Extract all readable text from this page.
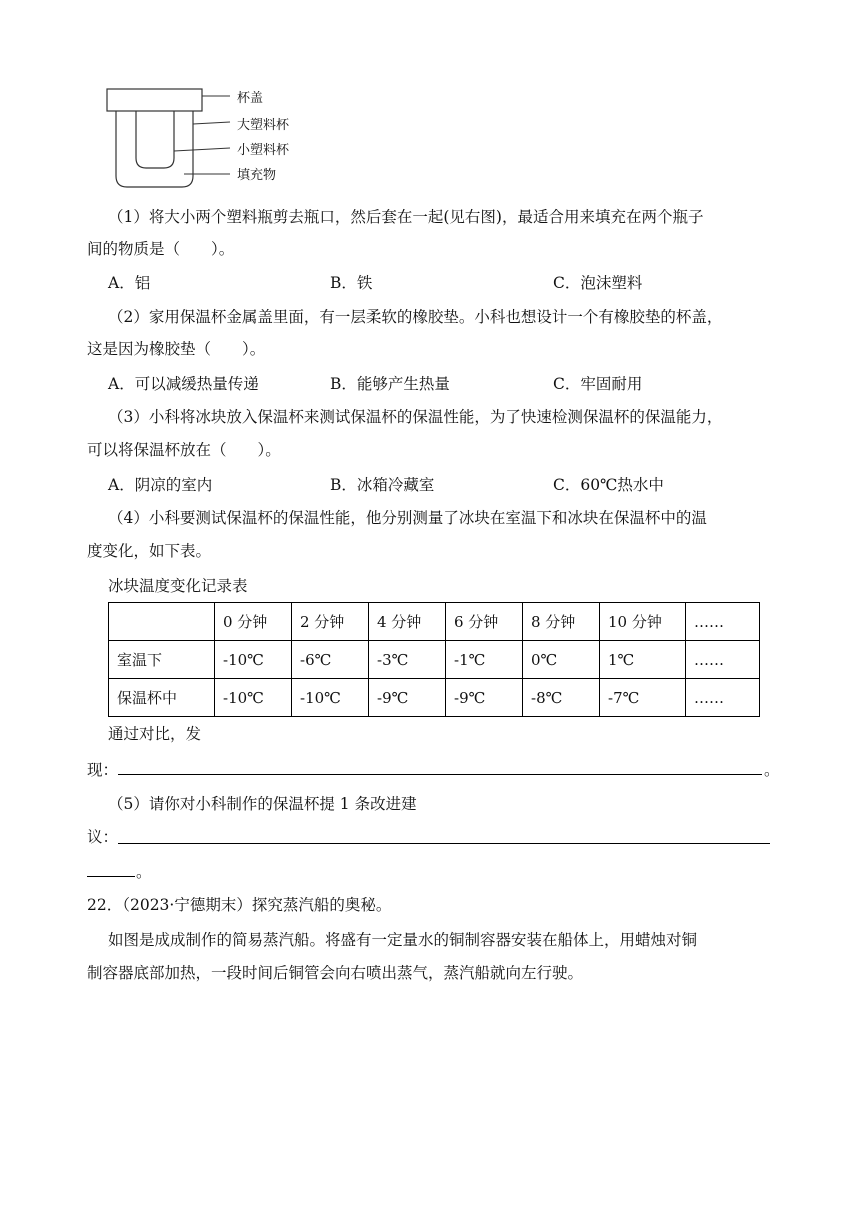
杯盖
大塑料杯
小塑料杯
填充物
（1）将大小两个塑料瓶剪去瓶口，然后套在一起(见右图)，最适合用来填充在两个瓶子
间的物质是（　　）。
A．铝	B．铁	C．泡沫塑料
（2）家用保温杯金属盖里面，有一层柔软的橡胶垫。小科也想设计一个有橡胶垫的杯盖，
这是因为橡胶垫（　　）。
A．可以减缓热量传递	B．能够产生热量	C．牢固耐用
（3）小科将冰块放入保温杯来测试保温杯的保温性能，为了快速检测保温杯的保温能力，
可以将保温杯放在（　　）。
A．阴凉的室内	B．冰箱冷藏室	C．60℃热水中
（4）小科要测试保温杯的保温性能，他分别测量了冰块在室温下和冰块在保温杯中的温
度变化，如下表。
冰块温度变化记录表
	0 分钟	2 分钟	4 分钟	6 分钟	8 分钟	10 分钟	……
室温下	-10℃	-6℃	-3℃	-1℃	0℃	1℃	……
保温杯中	-10℃	-10℃	-9℃	-9℃	-8℃	-7℃	……
通过对比，发
现：	。
（5）请你对小科制作的保温杯提 1 条改进建
议：
。
22．（2023·宁德期末）探究蒸汽船的奥秘。
如图是成成制作的简易蒸汽船。将盛有一定量水的铜制容器安装在船体上，用蜡烛对铜
制容器底部加热，一段时间后铜管会向右喷出蒸气，蒸汽船就向左行驶。
